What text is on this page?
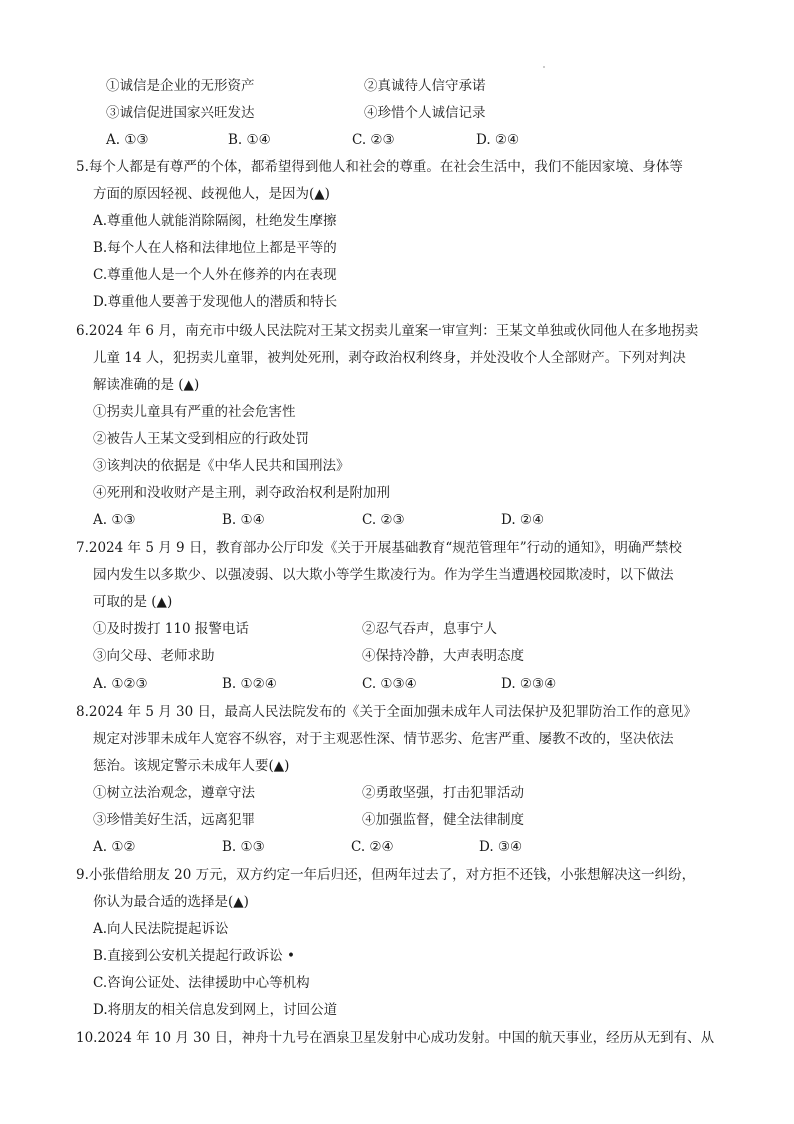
①诚信是企业的无形资产	②真诚待人信守承诺
③诚信促进国家兴旺发达	④珍惜个人诚信记录
A. ①③	B. ①④	C. ②③	D. ②④
5.每个人都是有尊严的个体，都希望得到他人和社会的尊重。在社会生活中，我们不能因家境、身体等
方面的原因轻视、歧视他人，是因为(▲)
A.尊重他人就能消除隔阂，杜绝发生摩擦
B.每个人在人格和法律地位上都是平等的
C.尊重他人是一个人外在修养的内在表现
D.尊重他人要善于发现他人的潜质和特长
6.2024 年 6 月，南充市中级人民法院对王某文拐卖儿童案一审宣判：王某文单独或伙同他人在多地拐卖
儿童 14 人，犯拐卖儿童罪，被判处死刑，剥夺政治权利终身，并处没收个人全部财产。下列对判决
解读准确的是 (▲)
①拐卖儿童具有严重的社会危害性
②被告人王某文受到相应的行政处罚
③该判决的依据是《中华人民共和国刑法》
④死刑和没收财产是主刑，剥夺政治权利是附加刑
A. ①③	B. ①④	C. ②③	D. ②④
7.2024 年 5 月 9 日，教育部办公厅印发《关于开展基础教育“规范管理年”行动的通知》，明确严禁校
园内发生以多欺少、以强凌弱、以大欺小等学生欺凌行为。作为学生当遭遇校园欺凌时，以下做法
可取的是 (▲)
①及时拨打 110 报警电话	②忍气吞声，息事宁人
③向父母、老师求助	④保持冷静，大声表明态度
A. ①②③	B. ①②④	C. ①③④	D. ②③④
8.2024 年 5 月 30 日，最高人民法院发布的《关于全面加强未成年人司法保护及犯罪防治工作的意见》
规定对涉罪未成年人宽容不纵容，对于主观恶性深、情节恶劣、危害严重、屡教不改的，坚决依法
惩治。该规定警示未成年人要(▲)
①树立法治观念，遵章守法	②勇敢坚强，打击犯罪活动
③珍惜美好生活，远离犯罪	④加强监督，健全法律制度
A. ①②	B. ①③	C. ②④	D. ③④
9.小张借给朋友 20 万元，双方约定一年后归还，但两年过去了，对方拒不还钱，小张想解决这一纠纷，
你认为最合适的选择是(▲)
A.向人民法院提起诉讼
B.直接到公安机关提起行政诉讼 •
C.咨询公证处、法律援助中心等机构
D.将朋友的相关信息发到网上，讨回公道
10.2024 年 10 月 30 日，神舟十九号在酒泉卫星发射中心成功发射。中国的航天事业，经历从无到有、从
